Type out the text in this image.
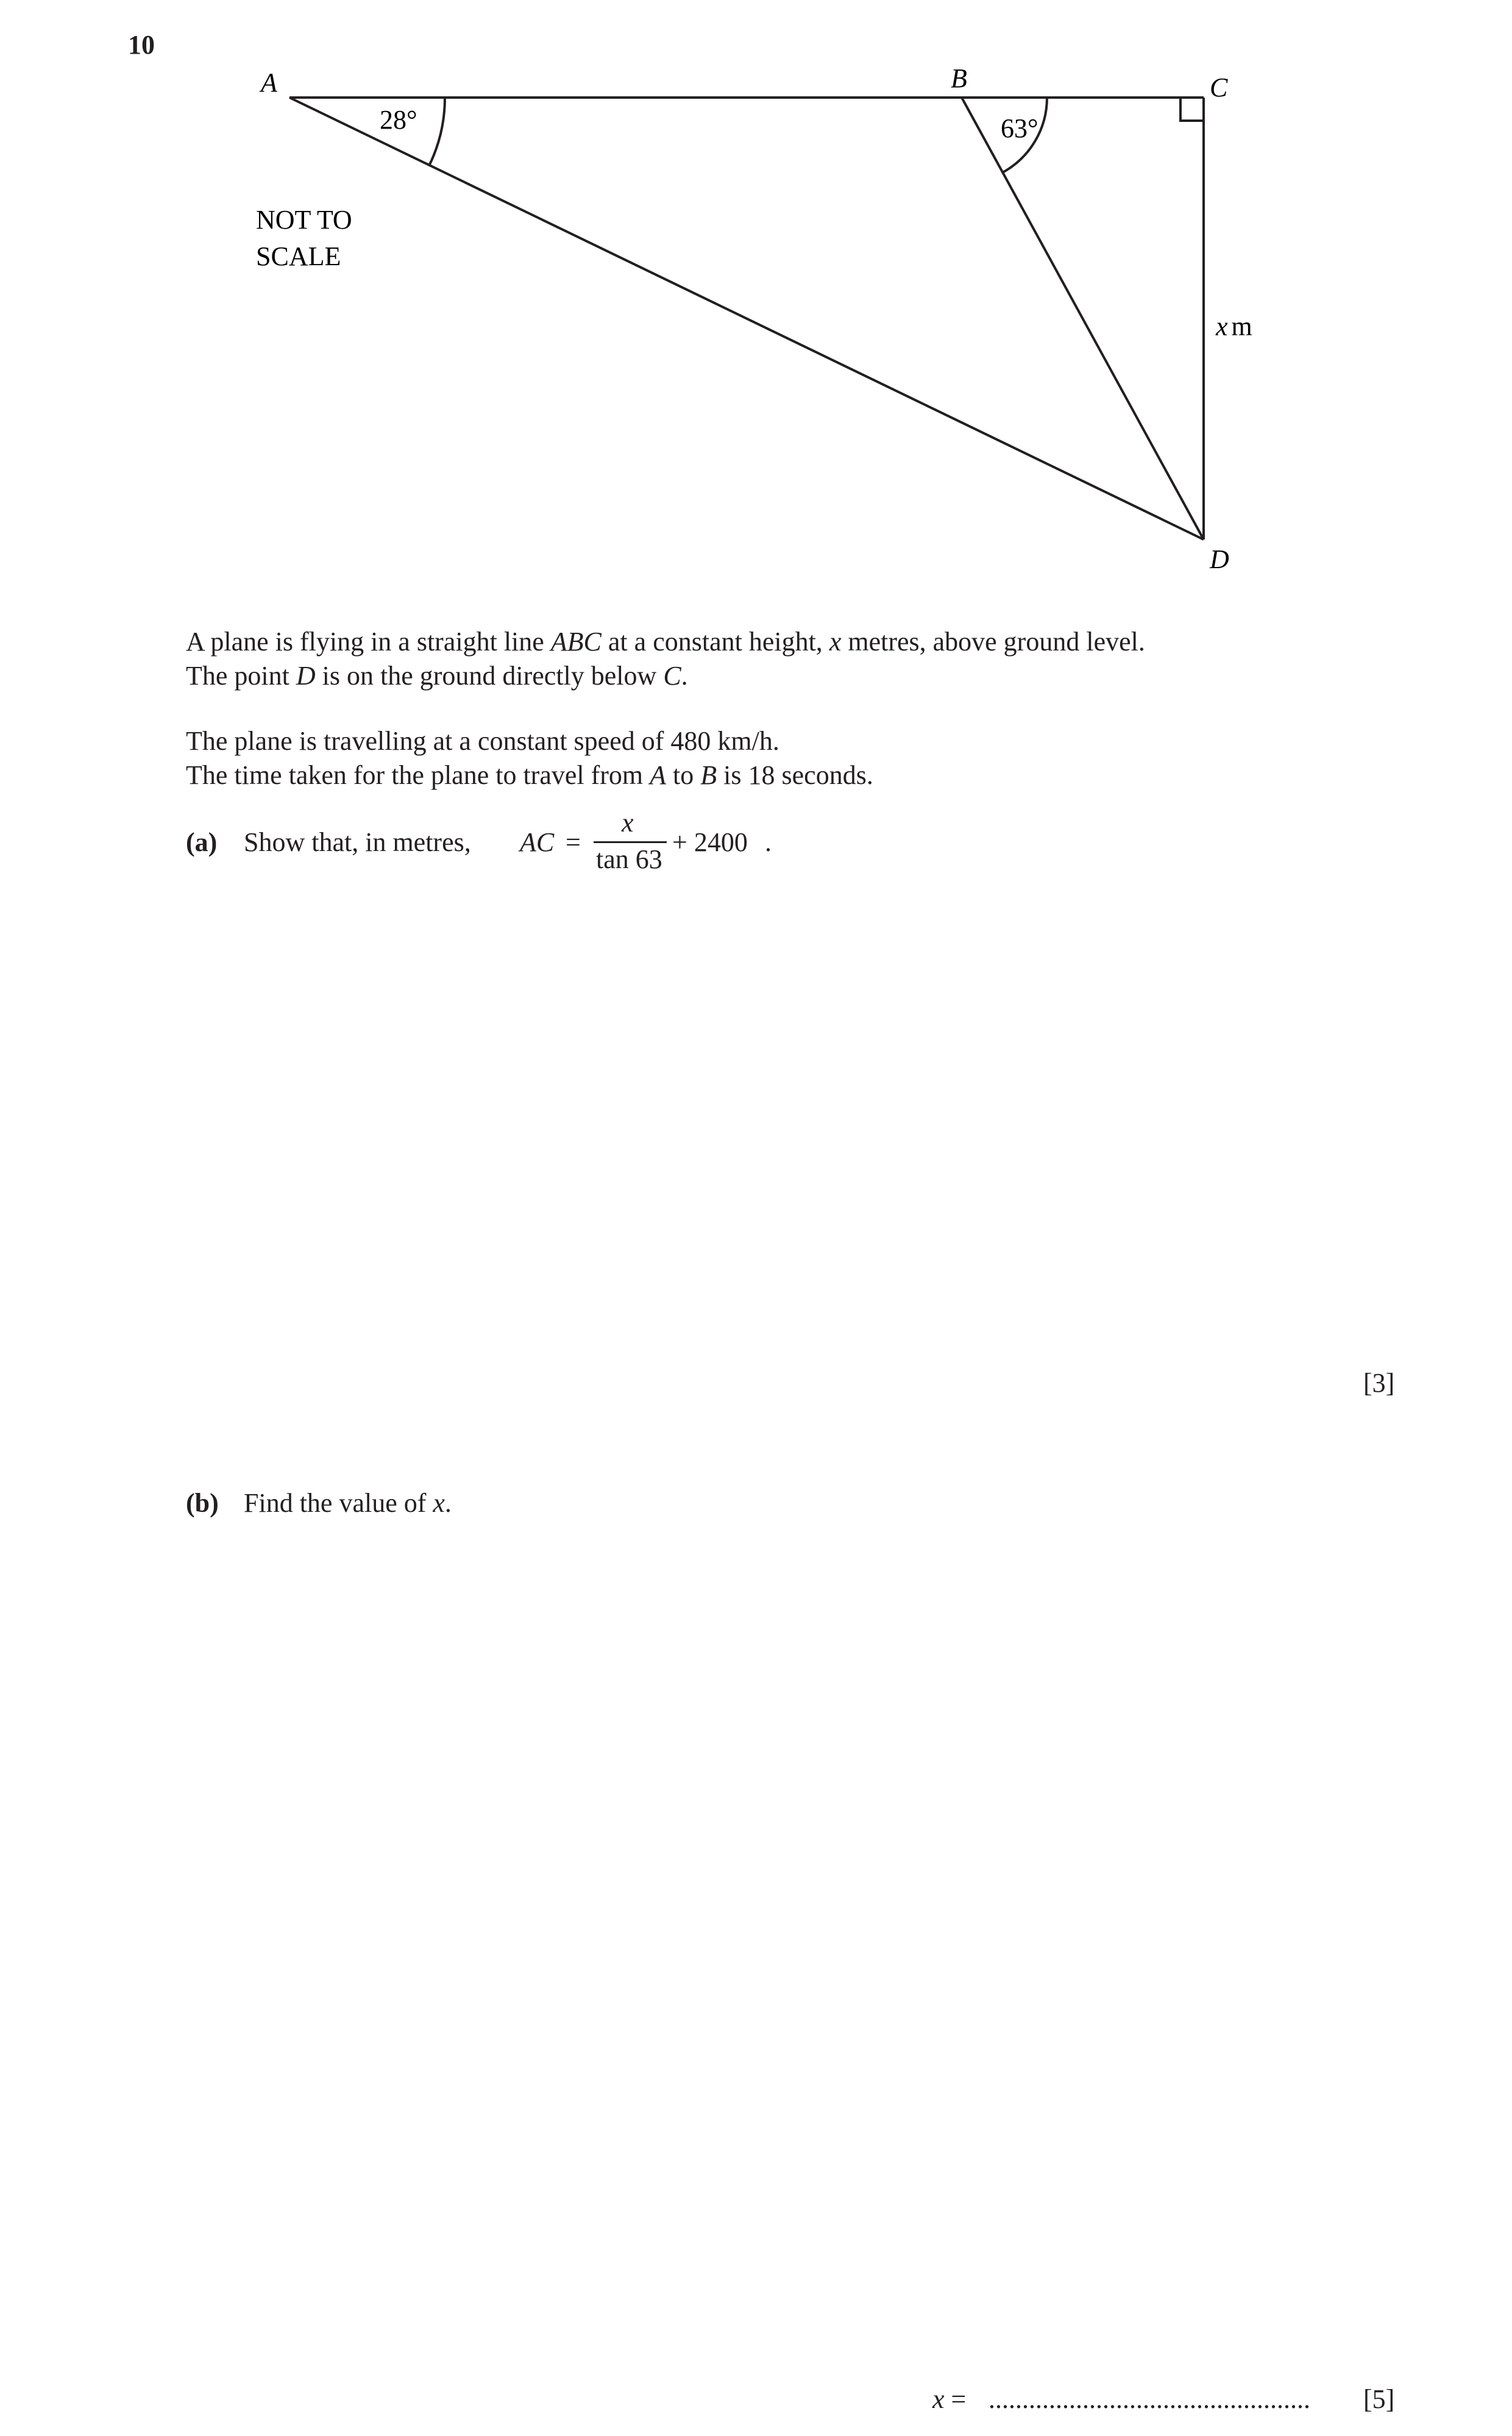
10
A	B	C
D
28°	63°
x m
NOT TO
SCALE
A plane is flying in a straight line ABC at a constant height, x metres, above ground level.
The point D is on the ground directly below C.
The plane is travelling at a constant speed of 480 km/h.
The time taken for the plane to travel from A to B is 18 seconds.
(a) Show that, in metres, AC =
x
tan 63
+ 2400 .
[3]
(b) Find the value of x.
x = ................................................ [5]
